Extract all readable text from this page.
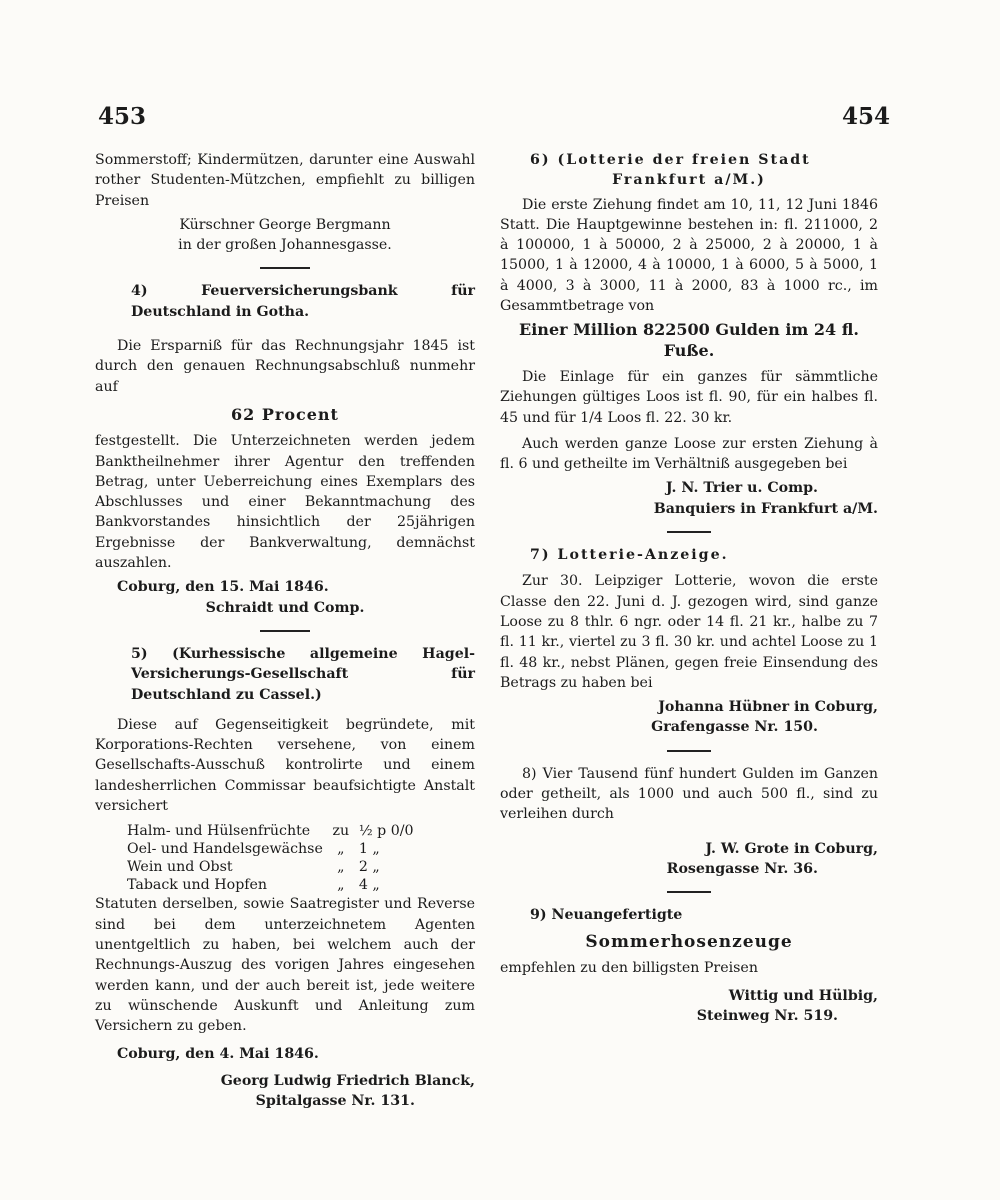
453	454
Sommerstoff; Kindermützen, darunter eine Auswahl rother Studenten-Mützchen, empfiehlt zu billigen Preisen
Kürschner George Bergmann
in der großen Johannesgasse.
4) Feuerversicherungsbank für Deutschland in Gotha.
Die Ersparniß für das Rechnungsjahr 1845 ist durch den genauen Rechnungsabschluß nunmehr auf
62 Procent
festgestellt. Die Unterzeichneten werden jedem Banktheilnehmer ihrer Agentur den treffenden Betrag, unter Ueberreichung eines Exemplars des Abschlusses und einer Bekanntmachung des Bankvorstandes hinsichtlich der 25jährigen Ergebnisse der Bankverwaltung, demnächst auszahlen.
Coburg, den 15. Mai 1846.
Schraidt und Comp.
5) (Kurhessische allgemeine Hagel-Versicherungs-Gesellschaft für Deutschland zu Cassel.)
Diese auf Gegenseitigkeit begründete, mit Korporations-Rechten versehene, von einem Gesellschafts-Ausschuß kontrolirte und einem landesherrlichen Commissar beaufsichtigte Anstalt versichert
Halm- und Hülsenfrüchte	zu	½ p 0/0
Oel- und Handelsgewächse	„	1 „
Wein und Obst	„	2 „
Taback und Hopfen	„	4 „
Statuten derselben, sowie Saatregister und Reverse sind bei dem unterzeichnetem Agenten unentgeltlich zu haben, bei welchem auch der Rechnungs-Auszug des vorigen Jahres eingesehen werden kann, und der auch bereit ist, jede weitere zu wünschende Auskunft und Anleitung zum Versichern zu geben.
Coburg, den 4. Mai 1846.
Georg Ludwig Friedrich Blanck,
Spitalgasse Nr. 131.
6) (Lotterie der freien Stadt
Frankfurt a/M.)
Die erste Ziehung findet am 10, 11, 12 Juni 1846 Statt. Die Hauptgewinne bestehen in: fl. 211000, 2 à 100000, 1 à 50000, 2 à 25000, 2 à 20000, 1 à 15000, 1 à 12000, 4 à 10000, 1 à 6000, 5 à 5000, 1 à 4000, 3 à 3000, 11 à 2000, 83 à 1000 rc., im Gesammtbetrage von
Einer Million 822500 Gulden im 24 fl. Fuße.
Die Einlage für ein ganzes für sämmtliche Ziehungen gültiges Loos ist fl. 90, für ein halbes fl. 45 und für 1/4 Loos fl. 22. 30 kr.
Auch werden ganze Loose zur ersten Ziehung à fl. 6 und getheilte im Verhältniß ausgegeben bei
J. N. Trier u. Comp.
Banquiers in Frankfurt a/M.
7) Lotterie-Anzeige.
Zur 30. Leipziger Lotterie, wovon die erste Classe den 22. Juni d. J. gezogen wird, sind ganze Loose zu 8 thlr. 6 ngr. oder 14 fl. 21 kr., halbe zu 7 fl. 11 kr., viertel zu 3 fl. 30 kr. und achtel Loose zu 1 fl. 48 kr., nebst Plänen, gegen freie Einsendung des Betrags zu haben bei
Johanna Hübner in Coburg,
Grafengasse Nr. 150.
8) Vier Tausend fünf hundert Gulden im Ganzen oder getheilt, als 1000 und auch 500 fl., sind zu verleihen durch
J. W. Grote in Coburg,
Rosengasse Nr. 36.
9) Neuangefertigte
Sommerhosenzeuge
empfehlen zu den billigsten Preisen
Wittig und Hülbig,
Steinweg Nr. 519.
